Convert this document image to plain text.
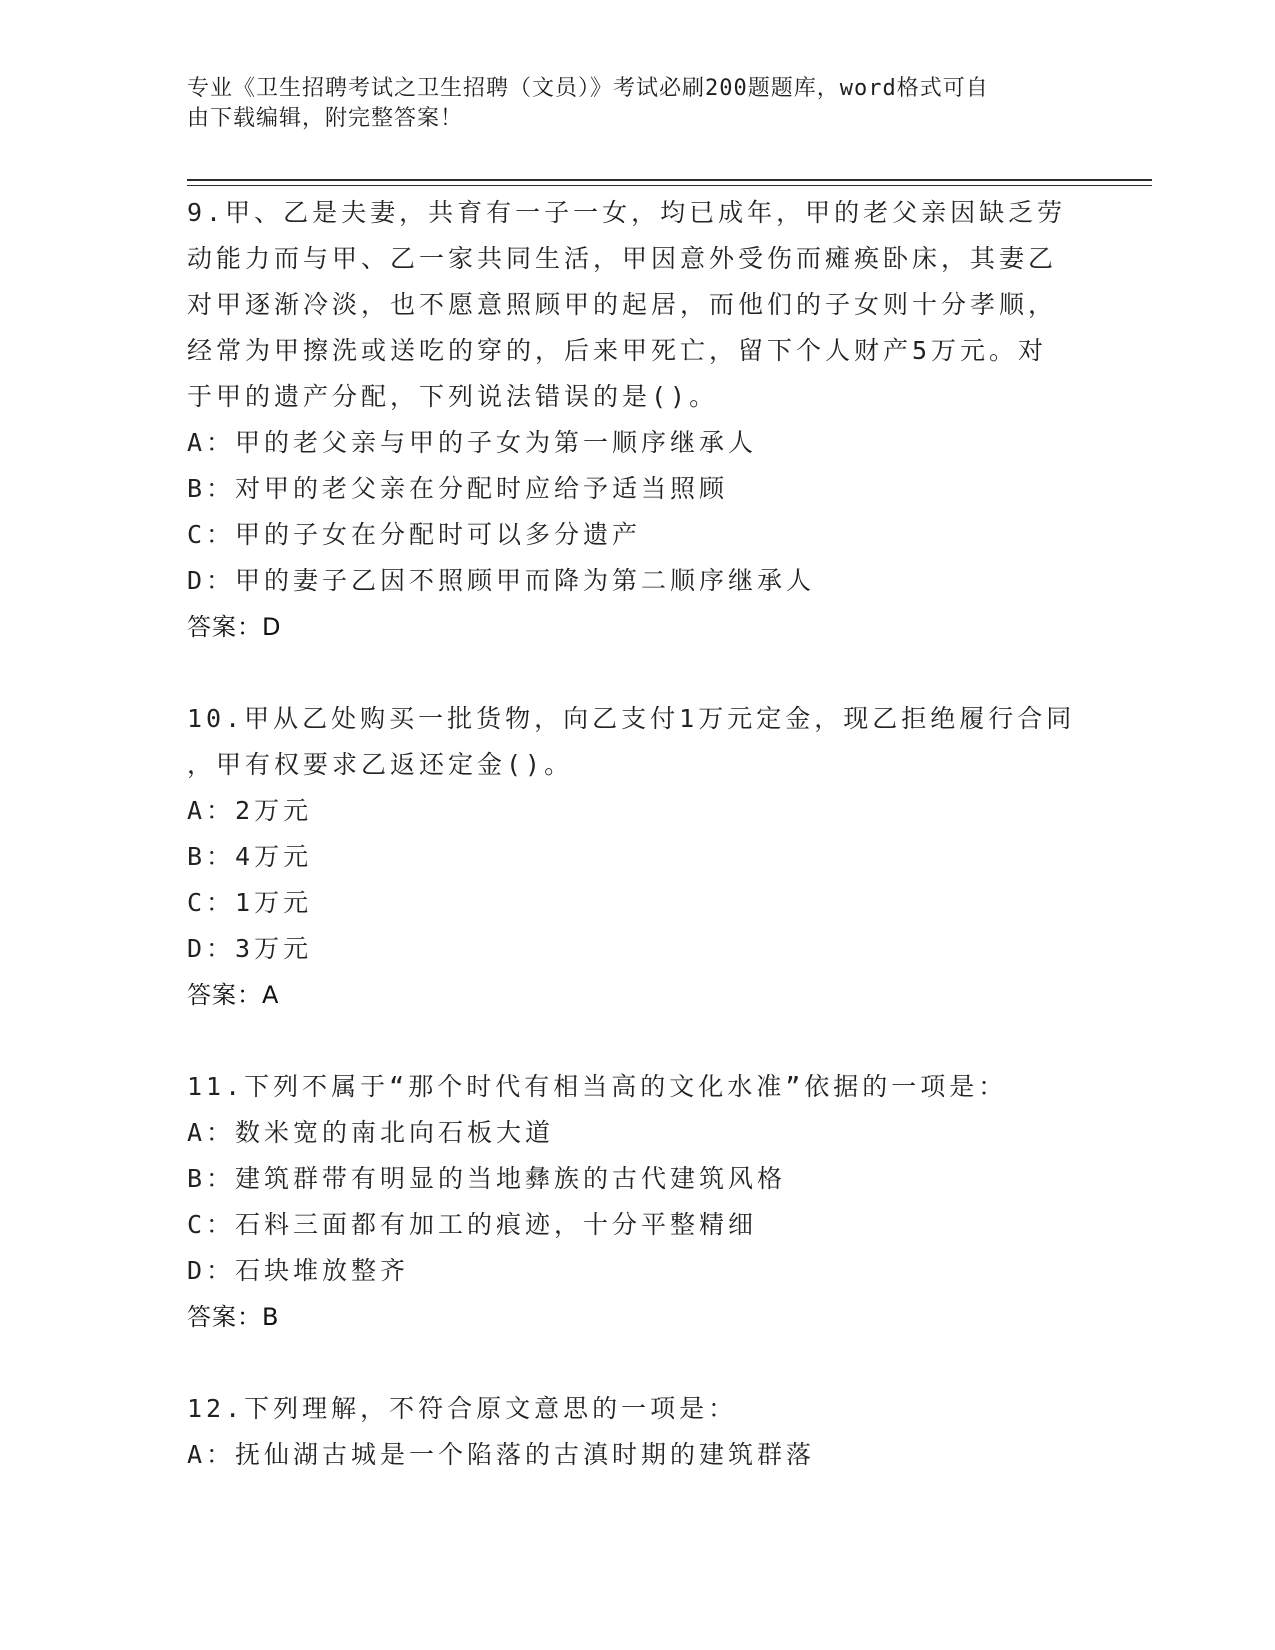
专业《卫生招聘考试之卫生招聘（文员）》考试必刷200题题库，word格式可自
由下载编辑，附完整答案！
9.甲、乙是夫妻，共育有一子一女，均已成年，甲的老父亲因缺乏劳
动能力而与甲、乙一家共同生活，甲因意外受伤而瘫痪卧床，其妻乙
对甲逐渐冷淡，也不愿意照顾甲的起居，而他们的子女则十分孝顺，
经常为甲擦洗或送吃的穿的，后来甲死亡，留下个人财产5万元。对
于甲的遗产分配，下列说法错误的是()。

A：甲的老父亲与甲的子女为第一顺序继承人

B：对甲的老父亲在分配时应给予适当照顾

C：甲的子女在分配时可以多分遗产

D：甲的妻子乙因不照顾甲而降为第二顺序继承人

答案：D

10.甲从乙处购买一批货物，向乙支付1万元定金，现乙拒绝履行合同
，甲有权要求乙返还定金()。

A：2万元

B：4万元

C：1万元

D：3万元

答案：A

11.下列不属于“那个时代有相当高的文化水准”依据的一项是：

A：数米宽的南北向石板大道

B：建筑群带有明显的当地彝族的古代建筑风格

C：石料三面都有加工的痕迹，十分平整精细

D：石块堆放整齐

答案：B

12.下列理解，不符合原文意思的一项是：

A：抚仙湖古城是一个陷落的古滇时期的建筑群落
